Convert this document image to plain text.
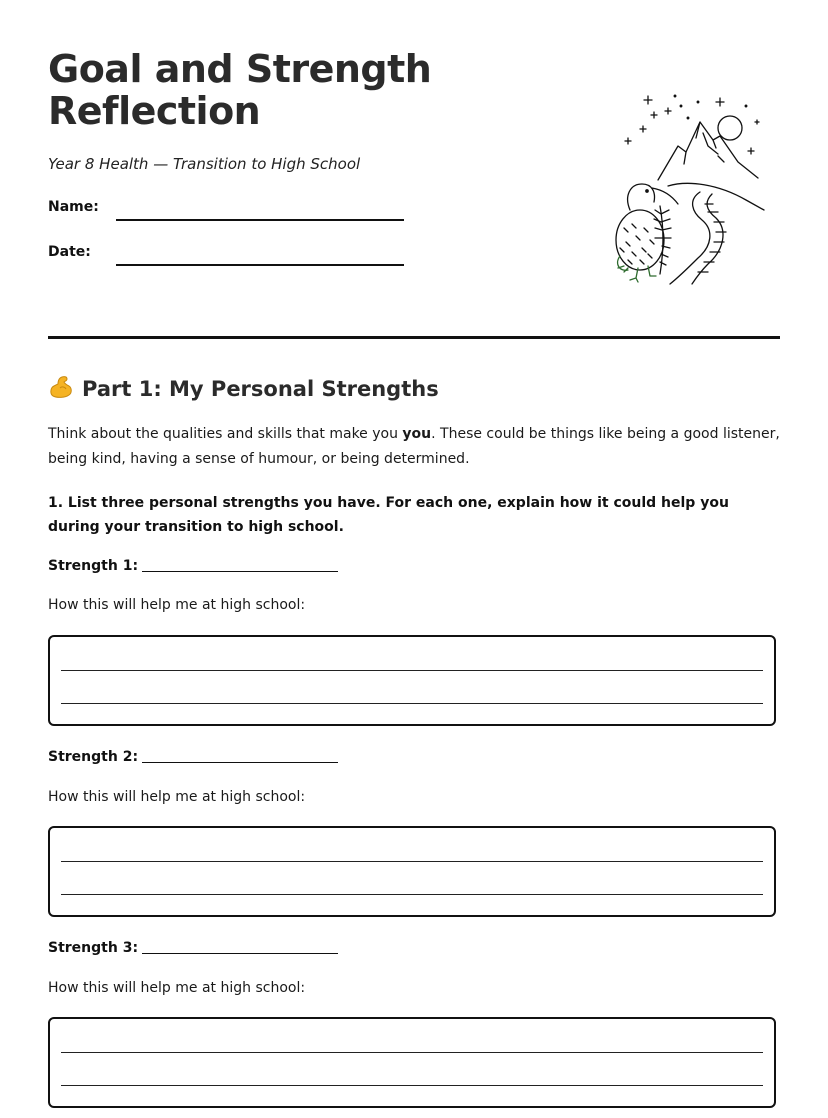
Goal and Strength
Reflection
Year 8 Health — Transition to High School
Name:
Date:
Part 1: My Personal Strengths

Think about the qualities and skills that make you you. These could be things like being a good listener, being kind, having a sense of humour, or being determined.

1. List three personal strengths you have. For each one, explain how it could help you during your transition to high school.

Strength 1:
How this will help me at high school:
Strength 2:
How this will help me at high school:
Strength 3:
How this will help me at high school:
